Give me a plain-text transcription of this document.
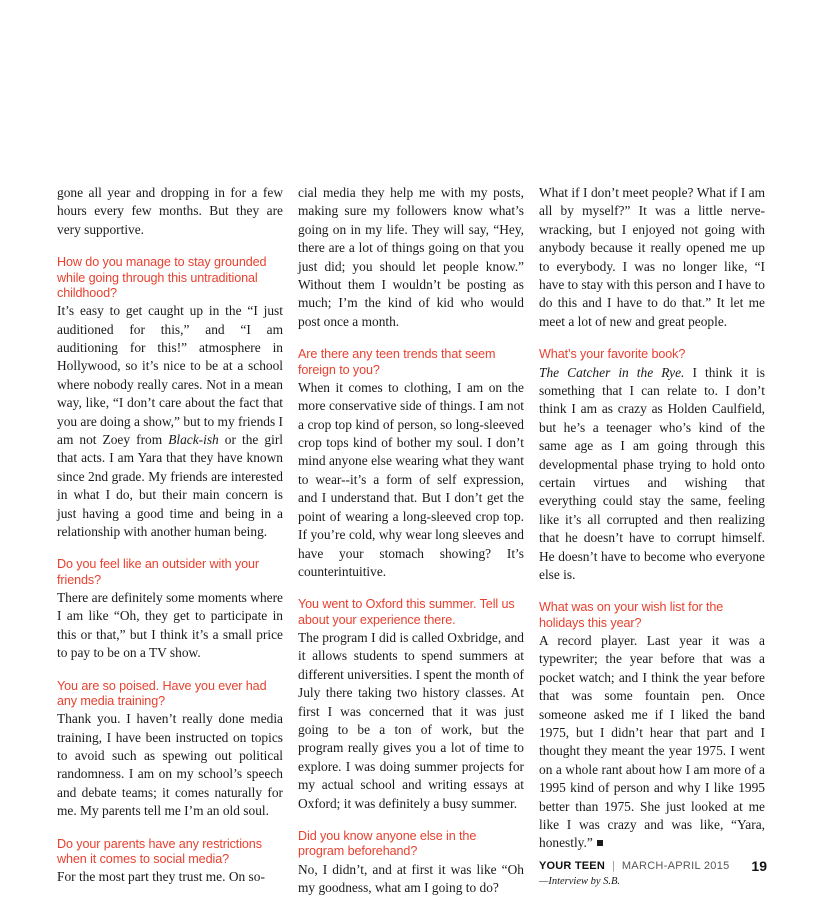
gone all year and dropping in for a few hours every few months. But they are very supportive.

How do you manage to stay grounded while going through this untraditional childhood?

It’s easy to get caught up in the “I just auditioned for this,” and “I am auditioning for this!” atmosphere in Hollywood, so it’s nice to be at a school where nobody really cares. Not in a mean way, like, “I don’t care about the fact that you are doing a show,” but to my friends I am not Zoey from Black-ish or the girl that acts. I am Yara that they have known since 2nd grade. My friends are interested in what I do, but their main concern is just having a good time and being in a relationship with another human being.

Do you feel like an outsider with your friends?

There are definitely some moments where I am like “Oh, they get to participate in this or that,” but I think it’s a small price to pay to be on a TV show.

You are so poised. Have you ever had any media training?

Thank you. I haven’t really done media training, I have been instructed on topics to avoid such as spewing out political randomness. I am on my school’s speech and debate teams; it comes naturally for me. My parents tell me I’m an old soul.

Do your parents have any restrictions when it comes to social media?

For the most part they trust me. On so-

cial media they help me with my posts, making sure my followers know what’s going on in my life. They will say, “Hey, there are a lot of things going on that you just did; you should let people know.” Without them I wouldn’t be posting as much; I’m the kind of kid who would post once a month.

Are there any teen trends that seem foreign to you?

When it comes to clothing, I am on the more conservative side of things. I am not a crop top kind of person, so long-sleeved crop tops kind of bother my soul. I don’t mind anyone else wearing what they want to wear--it’s a form of self expression, and I understand that. But I don’t get the point of wearing a long-sleeved crop top. If you’re cold, why wear long sleeves and have your stomach showing? It’s counterintuitive.

You went to Oxford this summer. Tell us about your experience there.

The program I did is called Oxbridge, and it allows students to spend summers at different universities. I spent the month of July there taking two history classes. At first I was concerned that it was just going to be a ton of work, but the program really gives you a lot of time to explore. I was doing summer projects for my actual school and writing essays at Oxford; it was definitely a busy summer.

Did you know anyone else in the program beforehand?

No, I didn’t, and at first it was like “Oh my goodness, what am I going to do?

What if I don’t meet people? What if I am all by myself?” It was a little nerve-wracking, but I enjoyed not going with anybody because it really opened me up to everybody. I was no longer like, “I have to stay with this person and I have to do this and I have to do that.” It let me meet a lot of new and great people.

What’s your favorite book?

The Catcher in the Rye. I think it is something that I can relate to. I don’t think I am as crazy as Holden Caulfield, but he’s a teenager who’s kind of the same age as I am going through this developmental phase trying to hold onto certain virtues and wishing that everything could stay the same, feeling like it’s all corrupted and then realizing that he doesn’t have to corrupt himself. He doesn’t have to become who everyone else is.

What was on your wish list for the holidays this year?

A record player. Last year it was a typewriter; the year before that was a pocket watch; and I think the year before that was some fountain pen. Once someone asked me if I liked the band 1975, but I didn’t hear that part and I thought they meant the year 1975. I went on a whole rant about how I am more of a 1995 kind of person and why I like 1995 better than 1975. She just looked at me like I was crazy and was like, “Yara, honestly.”

—Interview by S.B.
YOUR TEEN | MARCH-APRIL 2015 19
